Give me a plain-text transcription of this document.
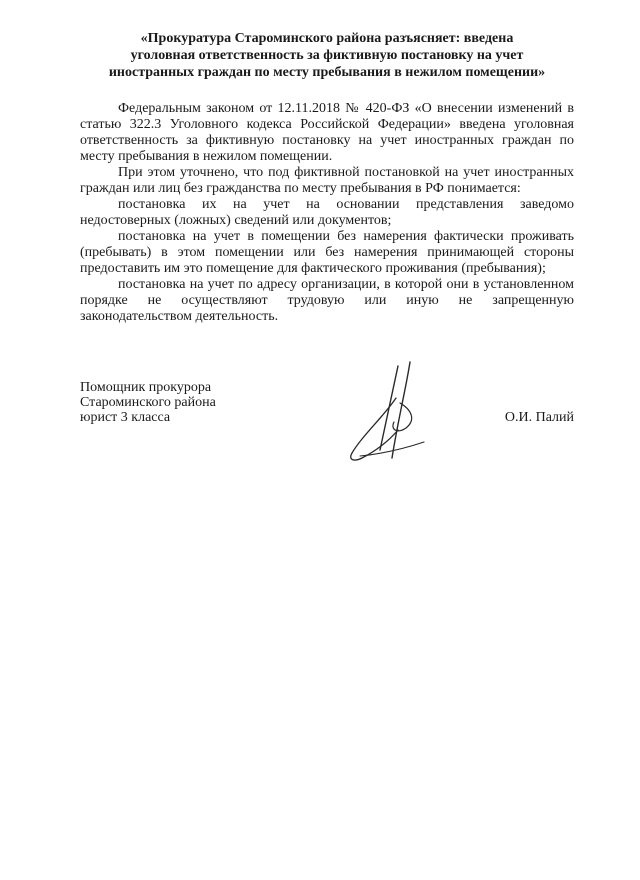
«Прокуратура Староминского района разъясняет: введена
уголовная ответственность за фиктивную постановку на учет
иностранных граждан по месту пребывания в нежилом помещении»

Федеральным законом от 12.11.2018 № 420-ФЗ «О внесении изменений в статью 322.3 Уголовного кодекса Российской Федерации» введена уголовная ответственность за фиктивную постановку на учет иностранных граждан по месту пребывания в нежилом помещении.

При этом уточнено, что под фиктивной постановкой на учет иностранных граждан или лиц без гражданства по месту пребывания в РФ понимается:

постановка их на учет на основании представления заведомо недостоверных (ложных) сведений или документов;

постановка на учет в помещении без намерения фактически проживать (пребывать) в этом помещении или без намерения принимающей стороны предоставить им это помещение для фактического проживания (пребывания);

постановка на учет по адресу организации, в которой они в установленном порядке не осуществляют трудовую или иную не запрещенную законодательством деятельность.

Помощник прокурора
Староминского района
юрист 3 класса	О.И. Палий
